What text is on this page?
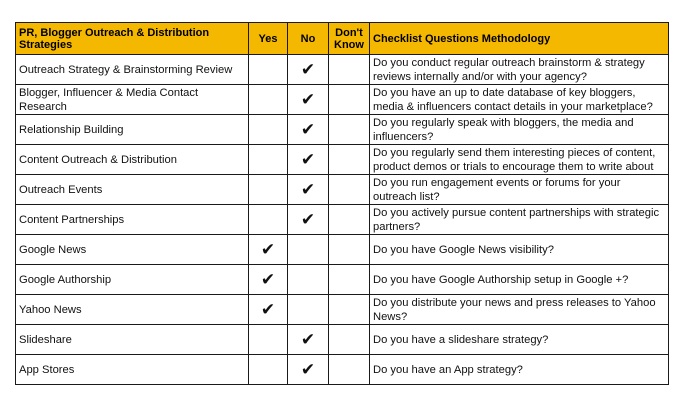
PR, Blogger Outreach & Distribution Strategies	Yes	No	Don't Know	Checklist Questions Methodology
Outreach Strategy & Brainstorming Review		✔		Do you conduct regular outreach brainstorm & strategy reviews internally and/or with your agency?
Blogger, Influencer & Media Contact Research		✔		Do you have an up to date database of key bloggers, media & influencers contact details in your marketplace?
Relationship Building		✔		Do you regularly speak with bloggers, the media and influencers?
Content Outreach & Distribution		✔		Do you regularly send them interesting pieces of content, product demos or trials to encourage them to write about
Outreach Events		✔		Do you run engagement events or forums for your outreach list?
Content Partnerships		✔		Do you actively pursue content partnerships with strategic partners?
Google News	✔			Do you have Google News visibility?
Google Authorship	✔			Do you have Google Authorship setup in Google +?
Yahoo News	✔			Do you distribute your news and press releases to Yahoo News?
Slideshare		✔		Do you have a slideshare strategy?
App Stores		✔		Do you have an App strategy?
